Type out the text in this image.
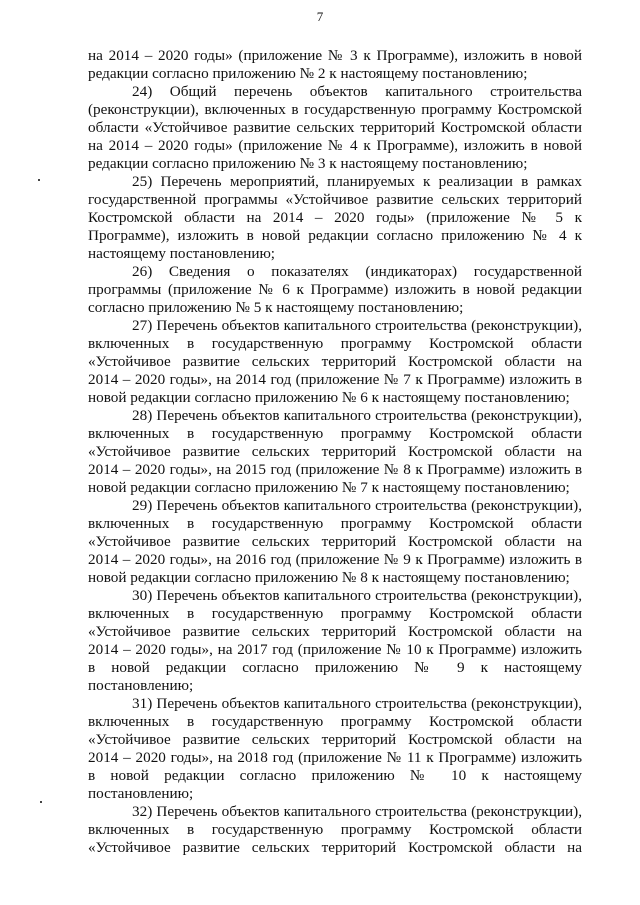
7
на 2014 – 2020 годы» (приложение № 3 к Программе), изложить в новой
редакции согласно приложению № 2 к настоящему постановлению;
24) Общий перечень объектов капитального строительства
(реконструкции), включенных в государственную программу Костромской
области «Устойчивое развитие сельских территорий Костромской области
на 2014 – 2020 годы» (приложение № 4 к Программе), изложить в новой
редакции согласно приложению № 3 к настоящему постановлению;
25) Перечень мероприятий, планируемых к реализации в рамках
государственной программы «Устойчивое развитие сельских территорий
Костромской области на 2014 – 2020 годы» (приложение № 5 к
Программе), изложить в новой редакции согласно приложению № 4 к
настоящему постановлению;
26) Сведения о показателях (индикаторах) государственной
программы (приложение № 6 к Программе) изложить в новой редакции
согласно приложению № 5 к настоящему постановлению;
27) Перечень объектов капитального строительства (реконструкции),
включенных в государственную программу Костромской области
«Устойчивое развитие сельских территорий Костромской области на
2014 – 2020 годы», на 2014 год (приложение № 7 к Программе) изложить в
новой редакции согласно приложению № 6 к настоящему постановлению;
28) Перечень объектов капитального строительства (реконструкции),
включенных в государственную программу Костромской области
«Устойчивое развитие сельских территорий Костромской области на
2014 – 2020 годы», на 2015 год (приложение № 8 к Программе) изложить в
новой редакции согласно приложению № 7 к настоящему постановлению;
29) Перечень объектов капитального строительства (реконструкции),
включенных в государственную программу Костромской области
«Устойчивое развитие сельских территорий Костромской области на
2014 – 2020 годы», на 2016 год (приложение № 9 к Программе) изложить в
новой редакции согласно приложению № 8 к настоящему постановлению;
30) Перечень объектов капитального строительства (реконструкции),
включенных в государственную программу Костромской области
«Устойчивое развитие сельских территорий Костромской области на
2014 – 2020 годы», на 2017 год (приложение № 10 к Программе) изложить
в новой редакции согласно приложению № 9 к настоящему
постановлению;
31) Перечень объектов капитального строительства (реконструкции),
включенных в государственную программу Костромской области
«Устойчивое развитие сельских территорий Костромской области на
2014 – 2020 годы», на 2018 год (приложение № 11 к Программе) изложить
в новой редакции согласно приложению № 10 к настоящему
постановлению;
32) Перечень объектов капитального строительства (реконструкции),
включенных в государственную программу Костромской области
«Устойчивое развитие сельских территорий Костромской области на
